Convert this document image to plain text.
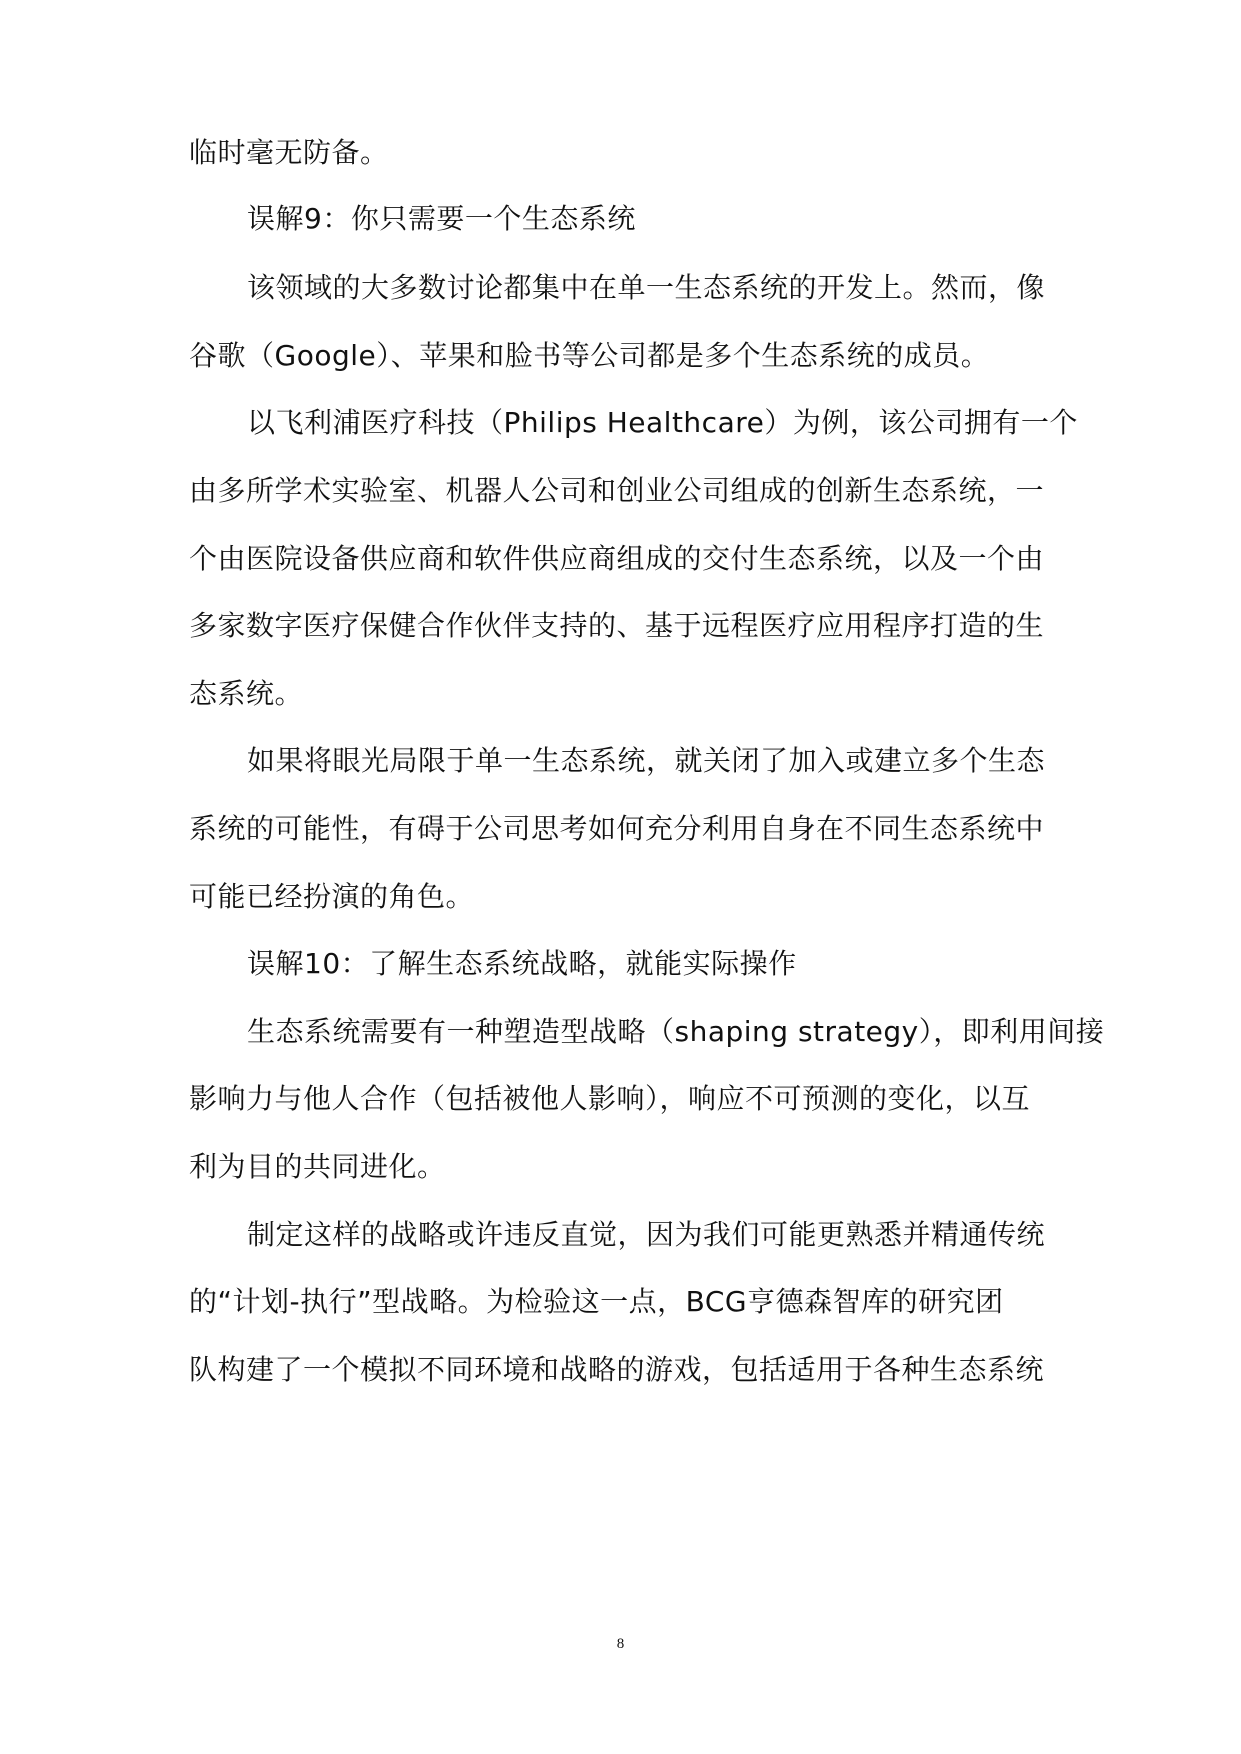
临时毫无防备。

误解9：你只需要一个生态系统

该领域的大多数讨论都集中在单一生态系统的开发上。然而，像

谷歌（Google）、苹果和脸书等公司都是多个生态系统的成员。

以飞利浦医疗科技（Philips Healthcare）为例，该公司拥有一个

由多所学术实验室、机器人公司和创业公司组成的创新生态系统，一

个由医院设备供应商和软件供应商组成的交付生态系统，以及一个由

多家数字医疗保健合作伙伴支持的、基于远程医疗应用程序打造的生

态系统。

如果将眼光局限于单一生态系统，就关闭了加入或建立多个生态

系统的可能性，有碍于公司思考如何充分利用自身在不同生态系统中

可能已经扮演的角色。

误解10：了解生态系统战略，就能实际操作

生态系统需要有一种塑造型战略（shaping strategy），即利用间接

影响力与他人合作（包括被他人影响），响应不可预测的变化，以互

利为目的共同进化。

制定这样的战略或许违反直觉，因为我们可能更熟悉并精通传统

的“计划-执行”型战略。为检验这一点，BCG亨德森智库的研究团

队构建了一个模拟不同环境和战略的游戏，包括适用于各种生态系统

8
